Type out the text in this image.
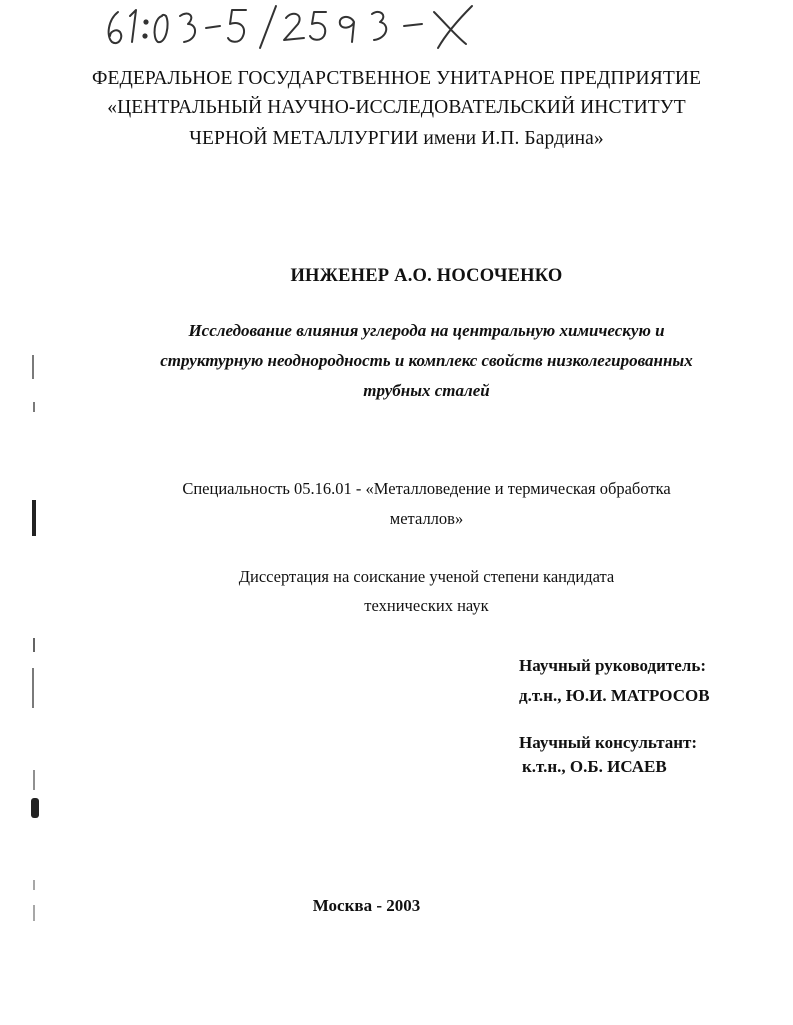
ФЕДЕРАЛЬНОЕ ГОСУДАРСТВЕННОЕ УНИТАРНОЕ ПРЕДПРИЯТИЕ
«ЦЕНТРАЛЬНЫЙ НАУЧНО-ИССЛЕДОВАТЕЛЬСКИЙ ИНСТИТУТ
ЧЕРНОЙ МЕТАЛЛУРГИИ имени И.П. Бардина»
ИНЖЕНЕР А.О. НОСОЧЕНКО
Исследование влияния углерода на центральную химическую и
структурную неоднородность и комплекс свойств низколегированных
трубных сталей
Специальность 05.16.01 - «Металловедение и термическая обработка
металлов»
Диссертация на соискание ученой степени кандидата
технических наук
Научный руководитель:
д.т.н., Ю.И. МАТРОСОВ
Научный консультант:
к.т.н., О.Б. ИСАЕВ
Москва - 2003
